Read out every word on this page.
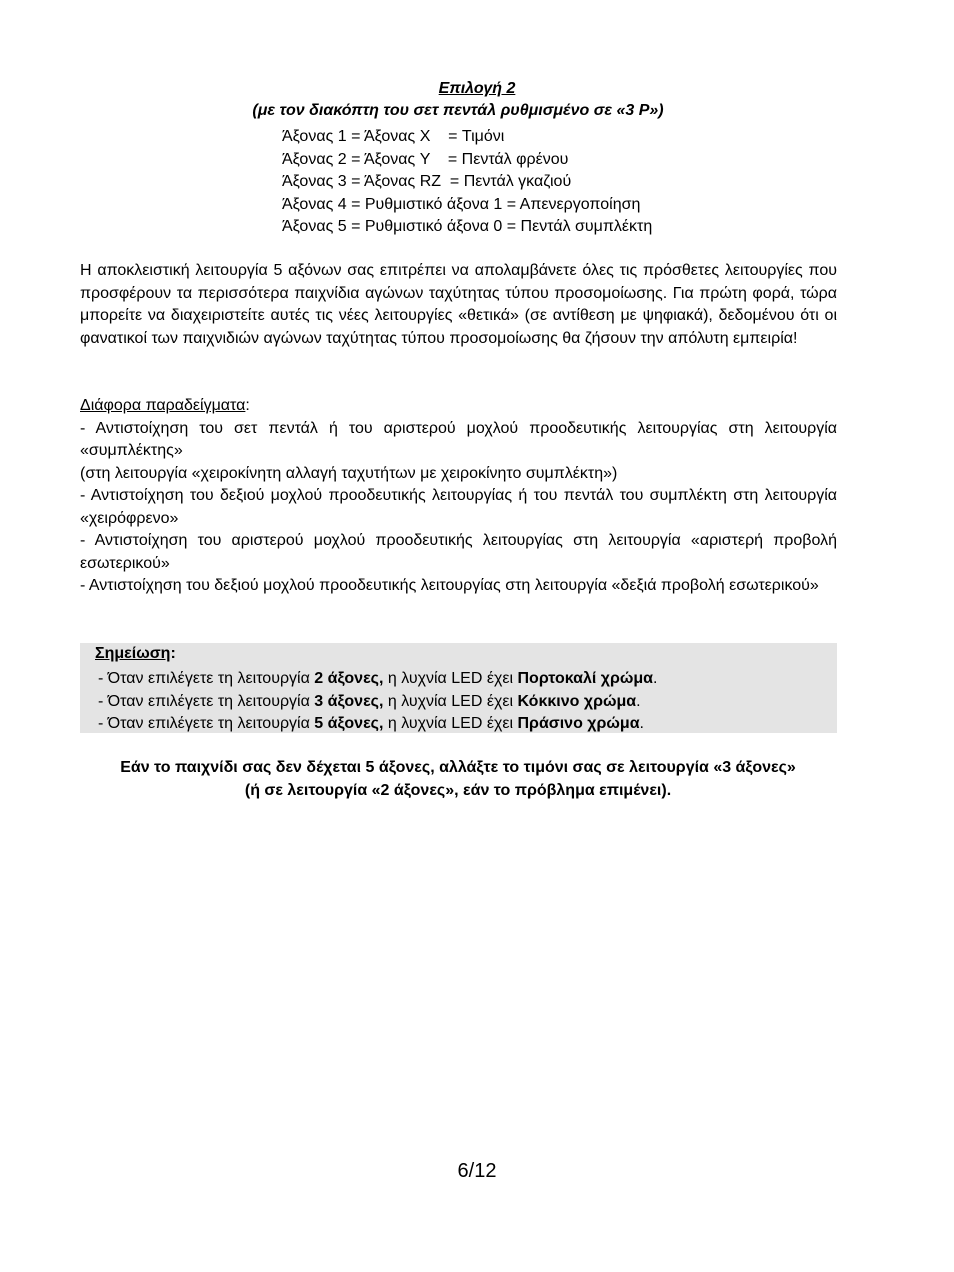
Επιλογή 2
(με τον διακόπτη του σετ πεντάλ ρυθμισμένο σε «3 P»)
Άξονας 1 = Άξονας X    = Τιμόνι
Άξονας 2 = Άξονας Y    = Πεντάλ φρένου
Άξονας 3 = Άξονας RZ  = Πεντάλ γκαζιού
Άξονας 4 = Ρυθμιστικό άξονα 1 = Απενεργοποίηση
Άξονας 5 = Ρυθμιστικό άξονα 0 = Πεντάλ συμπλέκτη
Η αποκλειστική λειτουργία 5 αξόνων σας επιτρέπει να απολαμβάνετε όλες τις πρόσθετες λειτουργίες που προσφέρουν τα περισσότερα παιχνίδια αγώνων ταχύτητας τύπου προσομοίωσης. Για πρώτη φορά, τώρα μπορείτε να διαχειριστείτε αυτές τις νέες λειτουργίες «θετικά» (σε αντίθεση με ψηφιακά), δεδομένου ότι οι φανατικοί των παιχνιδιών αγώνων ταχύτητας τύπου προσομοίωσης θα ζήσουν την απόλυτη εμπειρία!
Διάφορα παραδείγματα:
- Αντιστοίχηση του σετ πεντάλ ή του αριστερού μοχλού προοδευτικής λειτουργίας στη λειτουργία «συμπλέκτης»
(στη λειτουργία «χειροκίνητη αλλαγή ταχυτήτων με χειροκίνητο συμπλέκτη»)
- Αντιστοίχηση του δεξιού μοχλού προοδευτικής λειτουργίας ή του πεντάλ του συμπλέκτη στη λειτουργία «χειρόφρενο»
- Αντιστοίχηση του αριστερού μοχλού προοδευτικής λειτουργίας στη λειτουργία «αριστερή προβολή εσωτερικού»
- Αντιστοίχηση του δεξιού μοχλού προοδευτικής λειτουργίας στη λειτουργία «δεξιά προβολή εσωτερικού»
Σημείωση:
- Όταν επιλέγετε τη λειτουργία 2 άξονες, η λυχνία LED έχει Πορτοκαλί χρώμα.
- Όταν επιλέγετε τη λειτουργία 3 άξονες, η λυχνία LED έχει Κόκκινο χρώμα.
- Όταν επιλέγετε τη λειτουργία 5 άξονες, η λυχνία LED έχει Πράσινο χρώμα.
Εάν το παιχνίδι σας δεν δέχεται 5 άξονες, αλλάξτε το τιμόνι σας σε λειτουργία «3 άξονες»
(ή σε λειτουργία «2 άξονες», εάν το πρόβλημα επιμένει).
6/12
